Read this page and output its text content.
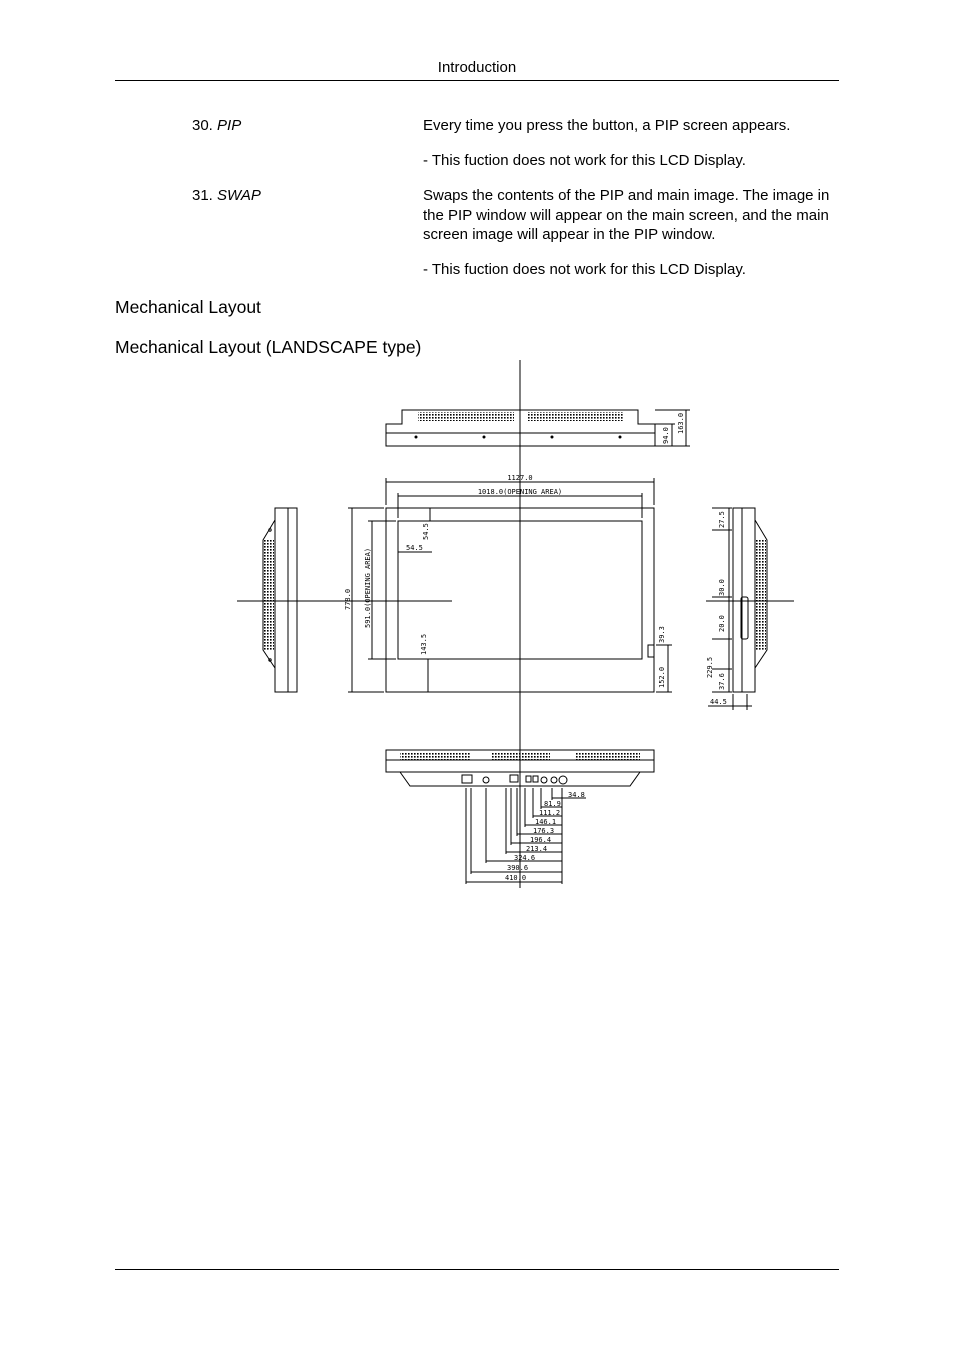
Introduction
30. PIP	Every time you press the button, a PIP screen appears.
- This fuction does not work for this LCD Display.
31. SWAP	Swaps the contents of the PIP and main image. The image in the PIP window will appear on the main screen, and the main screen image will appear in the PIP window.
- This fuction does not work for this LCD Display.
Mechanical Layout
Mechanical Layout (LANDSCAPE type)
94.0
163.0
1127.0
1018.0(OPENING AREA)
778.0 591.0(OPENING AREA)
54.5
54.5
143.5	39.3
152.0
27.5
30.0
20.0
229.5
37.6
44.5
34.8
81.9
111.2
146.1
176.3
196.4
213.4
324.6
390.6
410.0
